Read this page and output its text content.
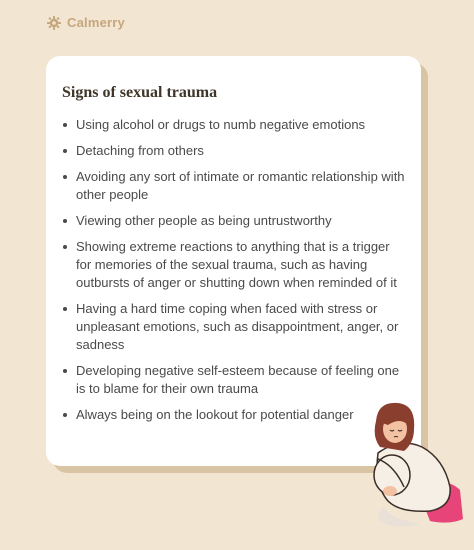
Calmerry
Signs of sexual trauma
Using alcohol or drugs to numb negative emotions
Detaching from others
Avoiding any sort of intimate or romantic relationship with other people
Viewing other people as being untrustworthy
Showing extreme reactions to anything that is a trigger for memories of the sexual trauma, such as having outbursts of anger or shutting down when reminded of it
Having a hard time coping when faced with stress or unpleasant emotions, such as disappointment, anger, or sadness
Developing negative self-esteem because of feeling one is to blame for their own trauma
Always being on the lookout for potential danger
